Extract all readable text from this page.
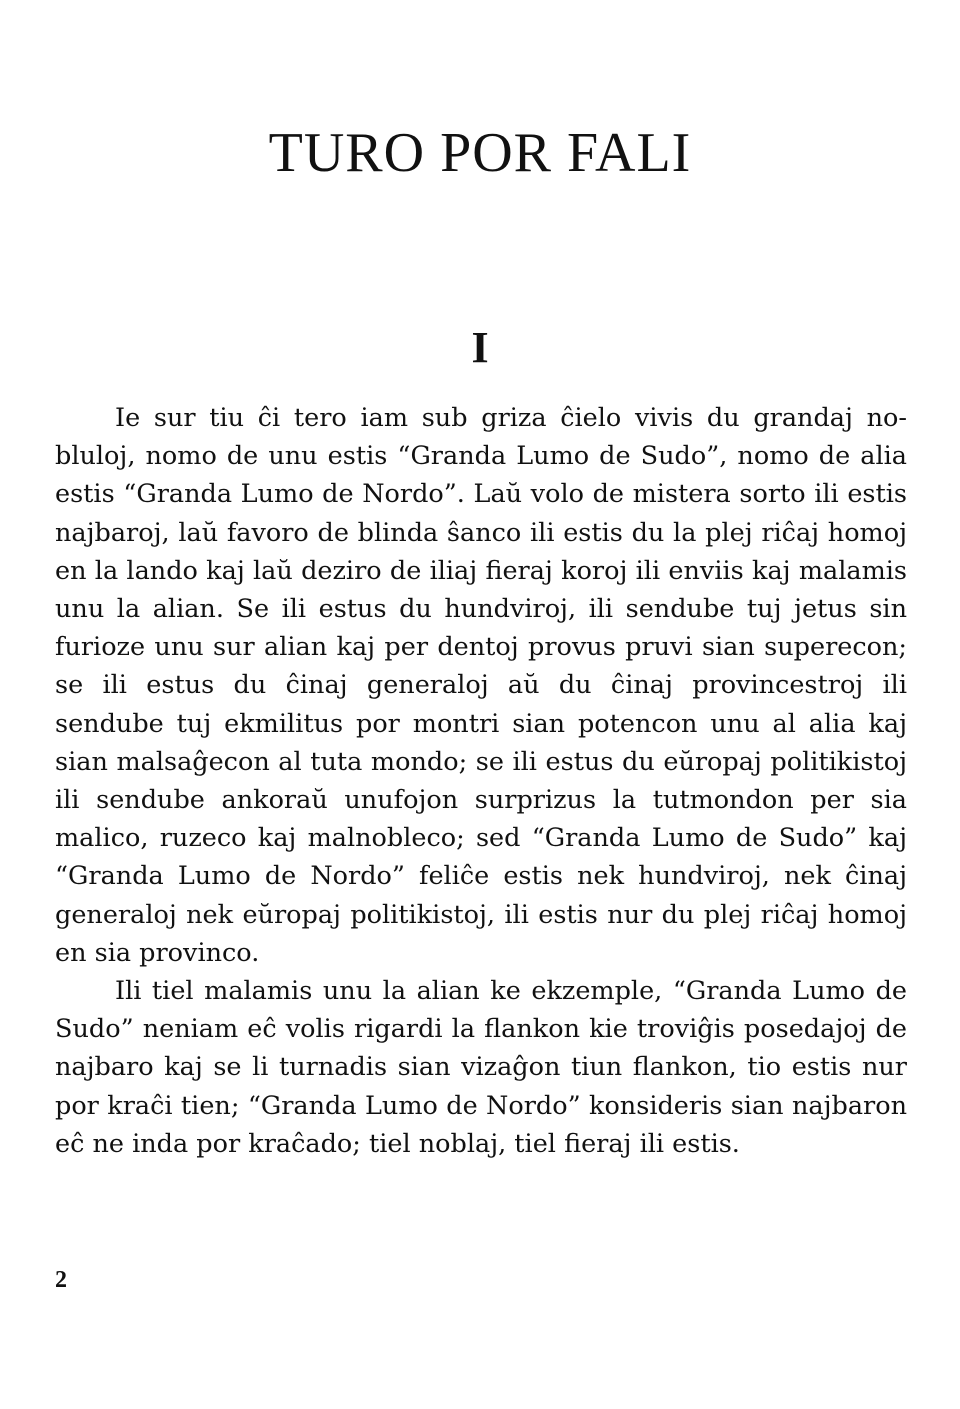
TURO POR FALI
I

Ie sur tiu ĉi tero iam sub griza ĉielo vivis du grandaj nobluloj, nomo de unu estis “Granda Lumo de Sudo”, nomo de alia estis “Granda Lumo de Nordo”. Laŭ volo de mistera sorto ili estis najbaroj, laŭ favoro de blinda ŝanco ili estis du la plej riĉaj homoj en la lando kaj laŭ deziro de iliaj fieraj koroj ili enviis kaj malamis unu la alian. Se ili estus du hundviroj, ili sendube tuj jetus sin furioze unu sur alian kaj per dentoj provus pruvi sian superecon; se ili estus du ĉinaj generaloj aŭ du ĉinaj provincestroj ili sendube tuj ekmilitus por montri sian potencon unu al alia kaj sian malsaĝecon al tuta mondo; se ili estus du eŭropaj politikistoj ili sendube ankoraŭ unufojon surprizus la tutmondon per sia malico, ruzeco kaj malnobleco; sed “Granda Lumo de Sudo” kaj “Granda Lumo de Nordo” feliĉe estis nek hundviroj, nek ĉinaj generaloj nek eŭropaj politikistoj, ili estis nur du plej riĉaj homoj en sia provinco.

Ili tiel malamis unu la alian ke ekzemple, “Granda Lumo de Sudo” neniam eĉ volis rigardi la flankon kie troviĝis posedajoj de najbaro kaj se li turnadis sian vizaĝon tiun flankon, tio estis nur por kraĉi tien; “Granda Lumo de Nordo” konsideris sian najbaron eĉ ne inda por kraĉado; tiel noblaj, tiel fieraj ili estis.

2
